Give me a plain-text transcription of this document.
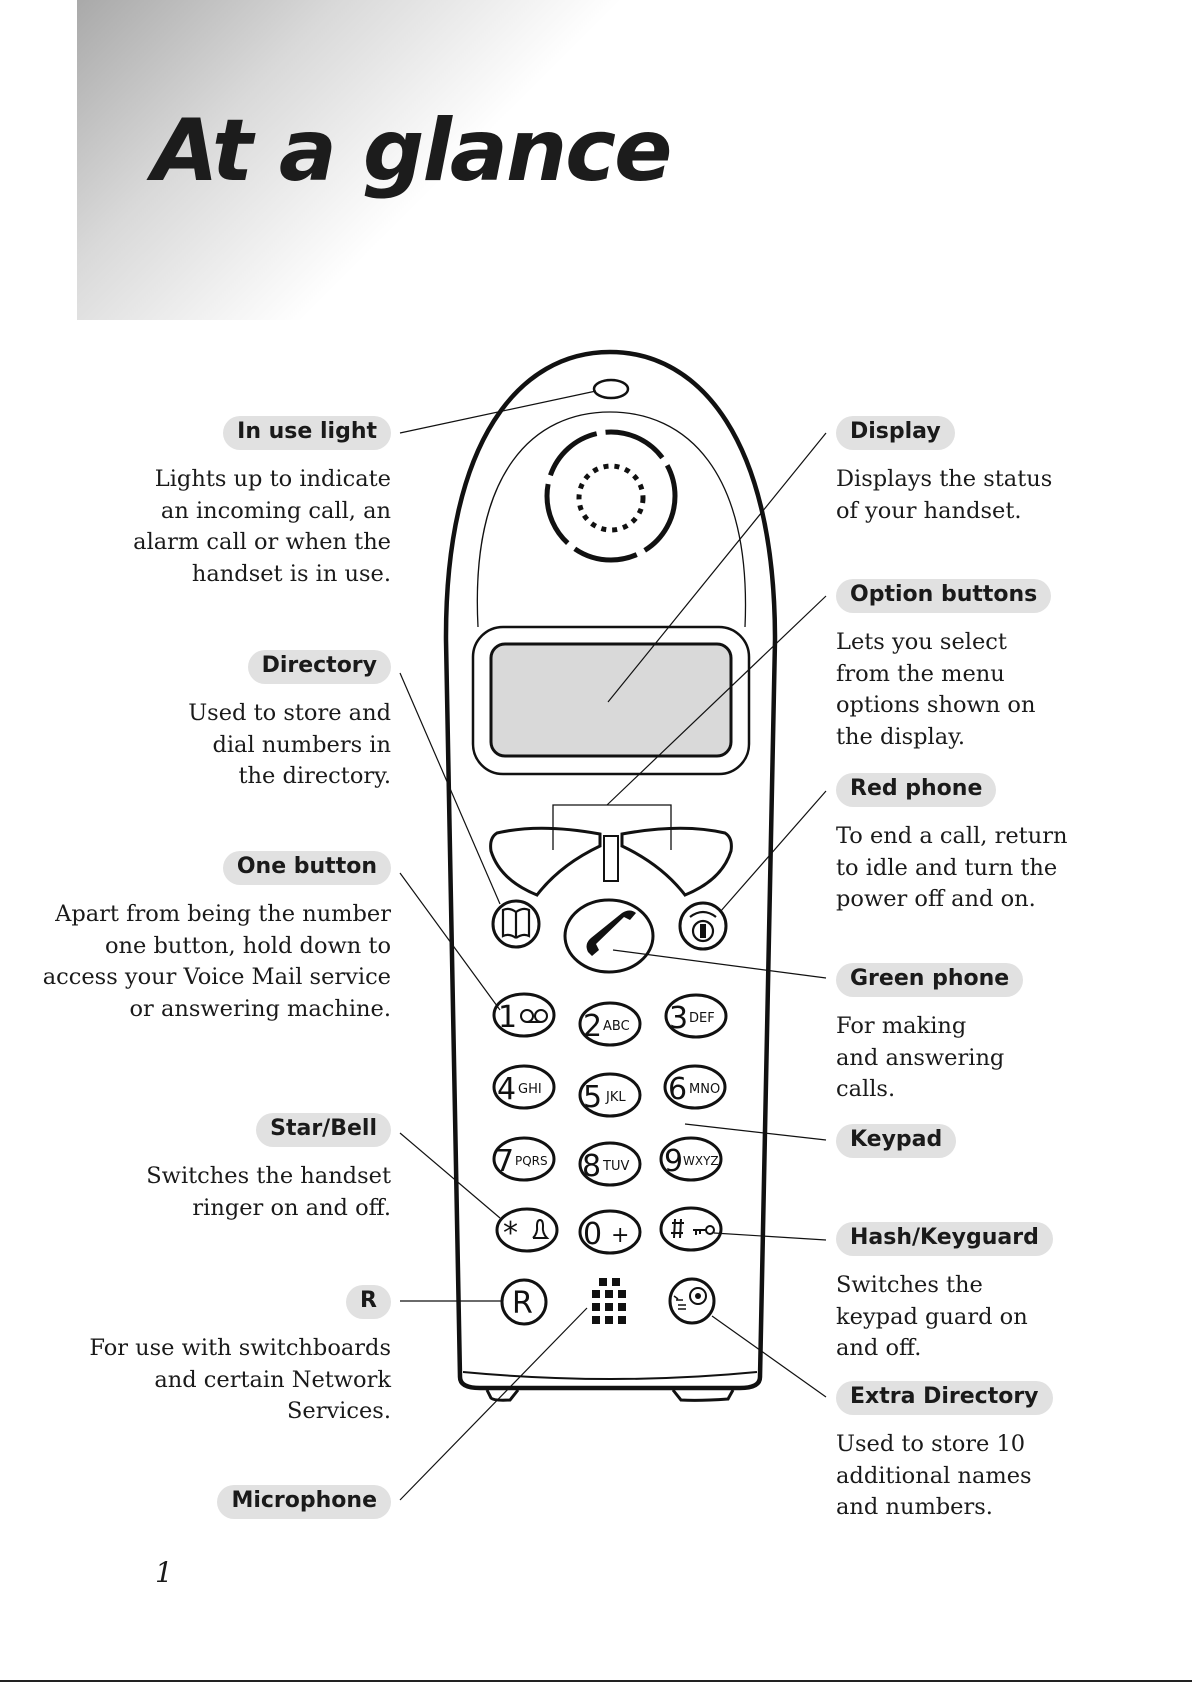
At a glance
1 2 ABC 3 DEF
4 GHI 5 JKL 6 MNO
7 PQRS 8 TUV 9 WXYZ
* 0 +
R
In use light

Lights up to indicate an incoming call, an alarm call or when the handset is in use.

Directory

Used to store and dial numbers in the directory.

One button

Apart from being the number one button, hold down to access your Voice Mail service or answering machine.

Star/Bell

Switches the handset ringer on and off.

R

For use with switchboards and certain Network Services.

Microphone
Display

Displays the status of your handset.

Option buttons

Lets you select from the menu options shown on the display.

Red phone

To end a call, return to idle and turn the power off and on.

Green phone

For making and answering calls.

Keypad
Hash/Keyguard

Switches the keypad guard on and off.

Extra Directory

Used to store 10 additional names and numbers.

1
